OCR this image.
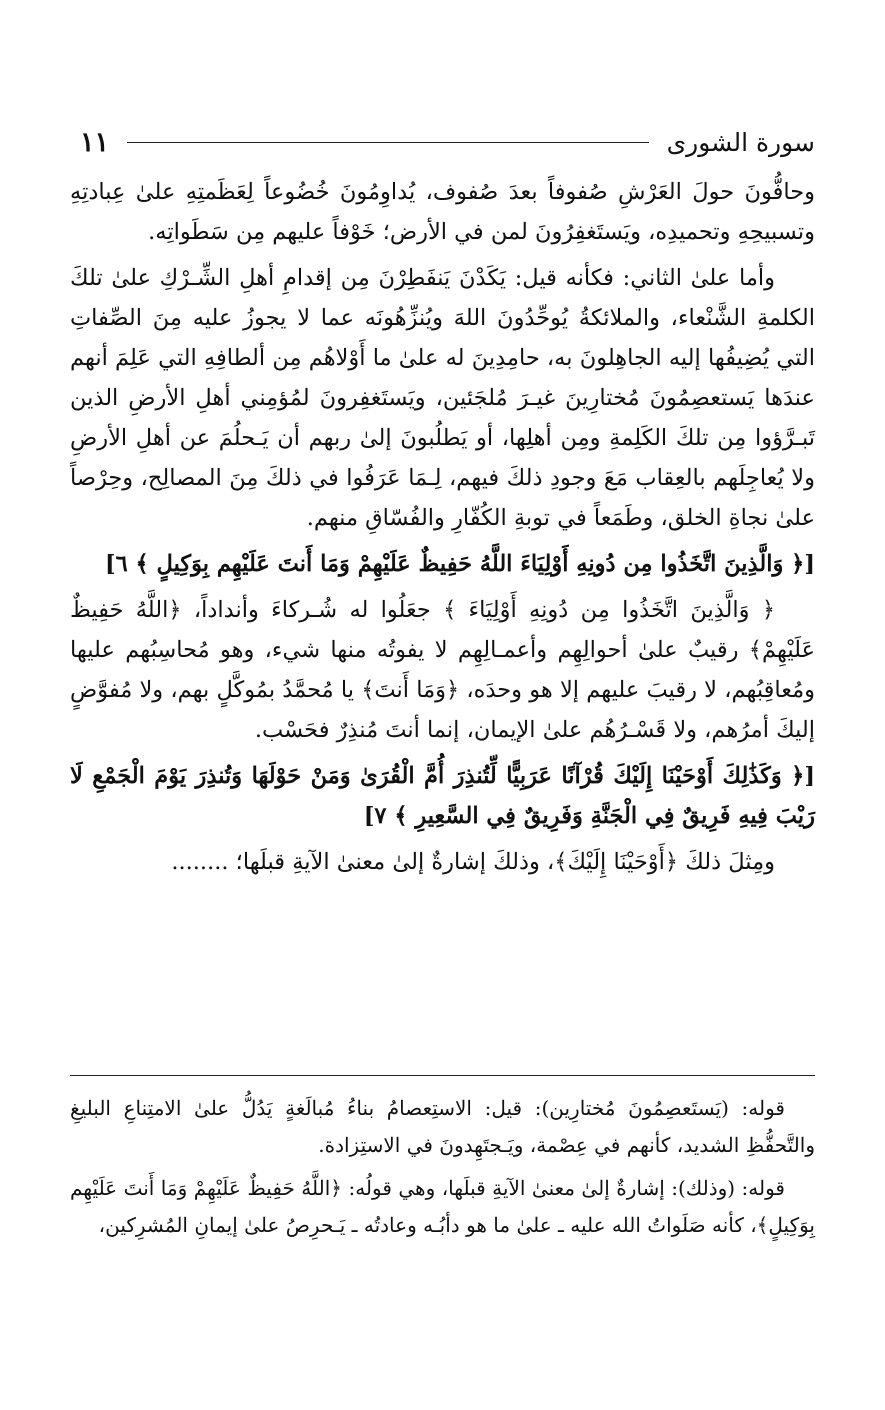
سورة الشورى
١١

وحافُّونَ حولَ العَرْشِ صُفوفاً بعدَ صُفوف، يُداوِمُونَ خُضُوعاً لِعَظَمتِهِ علىٰ عِبادتِهِ وتسبيحِهِ وتحميدِه، ويَستَغفِرُونَ لمن في الأرض؛ خَوْفاً عليهم مِن سَطَواتِه.

وأما علىٰ الثاني: فكأنه قيل: يَكَدْنَ يَنفَطِرْنَ مِن إقدامِ أهلِ الشِّـرْكِ علىٰ تلكَ الكلمةِ الشَّنْعاء، والملائكةُ يُوحِّدُونَ اللهَ ويُنزِّهُونَه عما لا يجوزُ عليه مِنَ الصِّفاتِ التي يُضِيفُها إليه الجاهِلونَ به، حامِدِينَ له علىٰ ما أَوْلاهُم مِن ألطافِهِ التي عَلِمَ أنهم عندَها يَستعصِمُونَ مُختارِينَ غيـرَ مُلجَئين، ويَستَغفِرونَ لمُؤمِني أهلِ الأرضِ الذين تَبـرَّؤوا مِن تلكَ الكَلِمةِ ومِن أهلِها، أو يَطلُبونَ إلىٰ ربهم أن يَـحلُمَ عن أهلِ الأرضِ ولا يُعاجِلَهم بالعِقاب مَعَ وجودِ ذلكَ فيهم، لِـمَا عَرَفُوا في ذلكَ مِنَ المصالِح، وحِرْصاً علىٰ نجاةِ الخلق، وطَمَعاً في توبةِ الكُفّارِ والفُسّاقِ منهم.

[﴿ وَالَّذِينَ اتَّخَذُوا مِن دُونِهِ أَوْلِيَاءَ اللَّهُ حَفِيظٌ عَلَيْهِمْ وَمَا أَنتَ عَلَيْهِم بِوَكِيلٍ ﴾ ٦]

﴿ وَالَّذِينَ اتَّخَذُوا مِن دُونِهِ أَوْلِيَاءَ ﴾ جعَلُوا له شُـركاءَ وأنداداً، ﴿اللَّهُ حَفِيظٌ عَلَيْهِمْ﴾ رقيبٌ علىٰ أحوالِهِم وأعمـالِهِم لا يفوتُه منها شيء، وهو مُحاسِبُهم عليها ومُعاقِبُهم، لا رقيبَ عليهم إلا هو وحدَه، ﴿وَمَا أَنتَ﴾ يا مُحمَّدُ بمُوكَّلٍ بهم، ولا مُفوَّضٍ إليكَ أمرُهم، ولا قَسْـرُهُم علىٰ الإيمان، إنما أنتَ مُنذِرٌ فحَسْب.

[﴿ وَكَذَٰلِكَ أَوْحَيْنَا إِلَيْكَ قُرْآنًا عَرَبِيًّا لِّتُنذِرَ أُمَّ الْقُرَىٰ وَمَنْ حَوْلَهَا وَتُنذِرَ يَوْمَ الْجَمْعِ لَا رَيْبَ فِيهِ فَرِيقٌ فِي الْجَنَّةِ وَفَرِيقٌ فِي السَّعِيرِ ﴾ ٧]

ومِثلَ ذلكَ ﴿أَوْحَيْنَا إِلَيْكَ﴾، وذلكَ إشارةٌ إلىٰ معنىٰ الآيةِ قبلَها؛ ........

قوله: (يَستَعصِمُونَ مُختارِين): قيل: الاستِعصامُ بناءُ مُبالَغةٍ يَدُلُّ علىٰ الامتِناعِ البليغِ والتَّحفُّظِ الشديد، كأنهم في عِصْمة، ويَـجتَهِدونَ في الاستِزادة.

قوله: (وذلك): إشارةٌ إلىٰ معنىٰ الآيةِ قبلَها، وهي قولُه: ﴿اللَّهُ حَفِيظٌ عَلَيْهِمْ وَمَا أَنتَ عَلَيْهِم بِوَكِيلٍ﴾، كأنه صَلَواتُ الله عليه ـ علىٰ ما هو دأبُـه وعادتُه ـ يَـحرِصُ علىٰ إيمانِ المُشرِكين،
